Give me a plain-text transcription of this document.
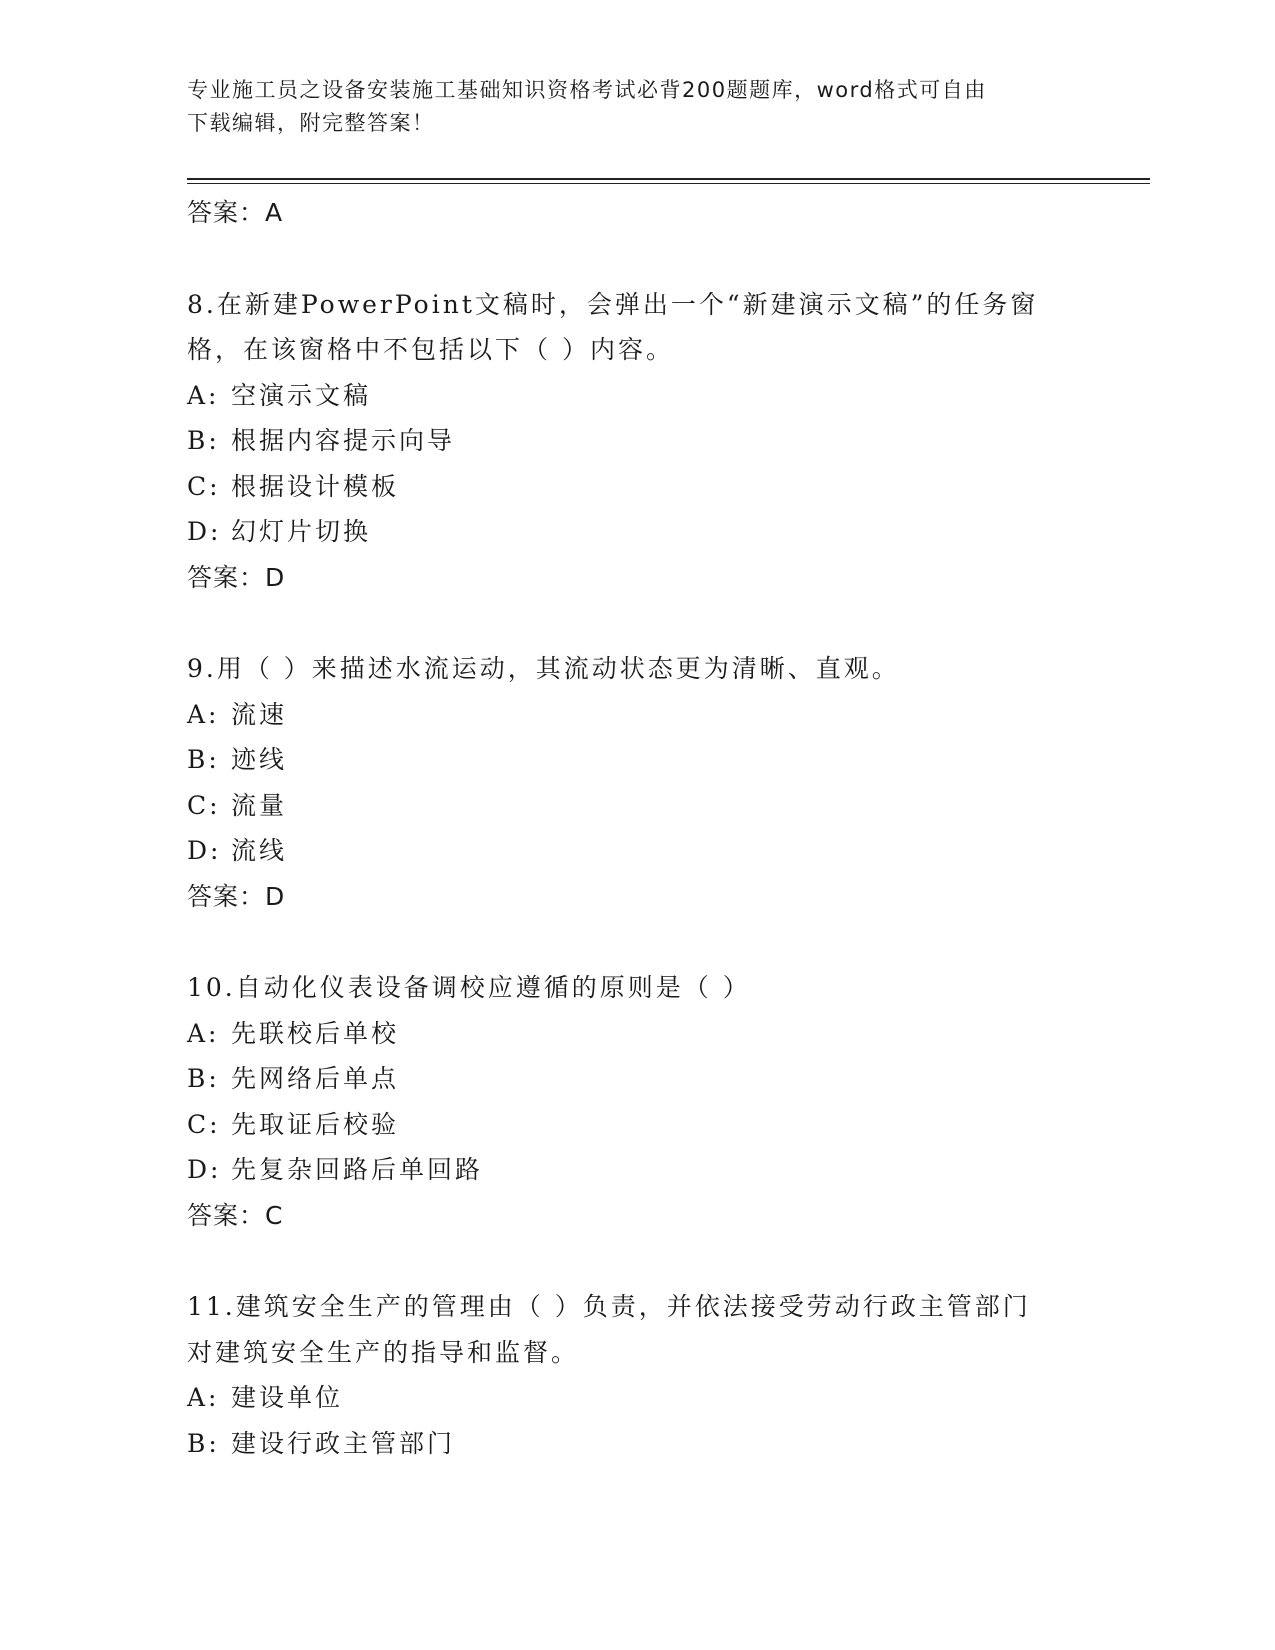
专业施工员之设备安装施工基础知识资格考试必背200题题库，word格式可自由
下载编辑，附完整答案！
答案：A
8.在新建PowerPoint文稿时，会弹出一个“新建演示文稿”的任务窗
格，在该窗格中不包括以下（ ）内容。
A: 空演示文稿
B: 根据内容提示向导
C: 根据设计模板
D: 幻灯片切换
答案：D
9.用（ ）来描述水流运动，其流动状态更为清晰、直观。
A: 流速
B: 迹线
C: 流量
D: 流线
答案：D
10.自动化仪表设备调校应遵循的原则是（ ）
A: 先联校后单校
B: 先网络后单点
C: 先取证后校验
D: 先复杂回路后单回路
答案：C
11.建筑安全生产的管理由（ ）负责，并依法接受劳动行政主管部门
对建筑安全生产的指导和监督。
A: 建设单位
B: 建设行政主管部门
